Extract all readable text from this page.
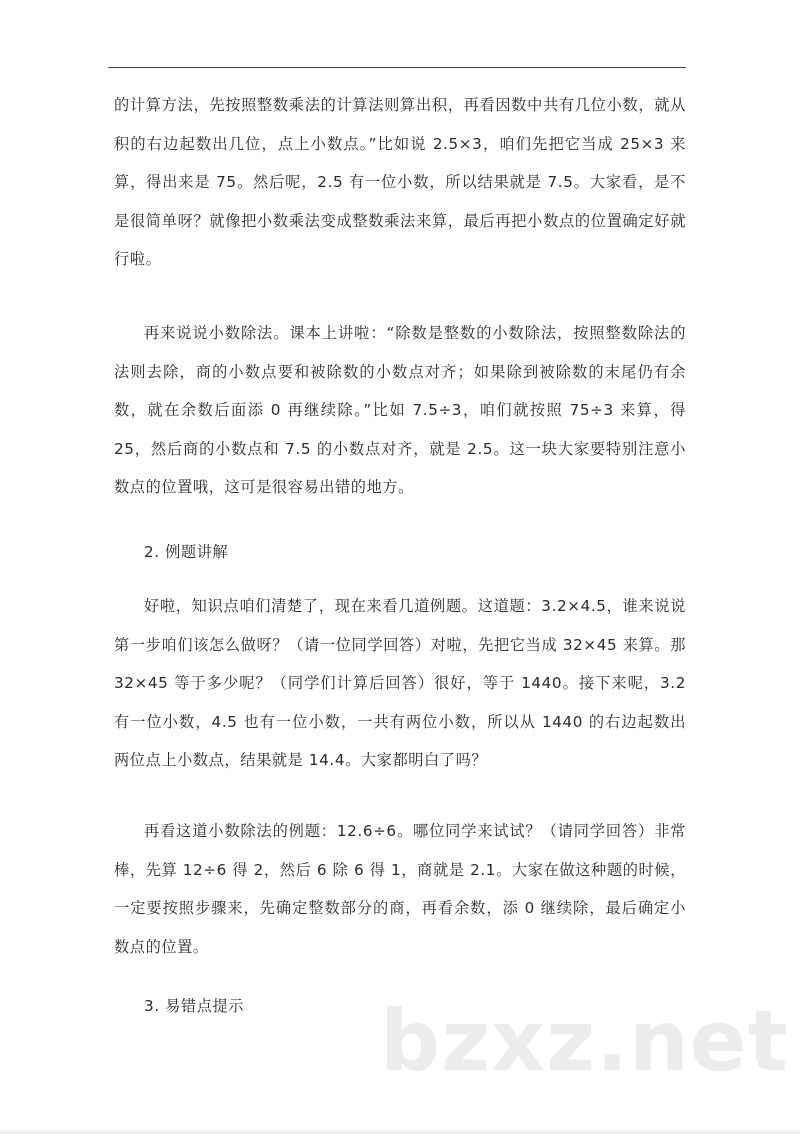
的计算方法，先按照整数乘法的计算法则算出积，再看因数中共有几位小数，就从积的右边起数出几位，点上小数点。”比如说 2.5×3，咱们先把它当成 25×3 来算，得出来是 75。然后呢，2.5 有一位小数，所以结果就是 7.5。大家看，是不是很简单呀？就像把小数乘法变成整数乘法来算，最后再把小数点的位置确定好就行啦。

再来说说小数除法。课本上讲啦：“除数是整数的小数除法，按照整数除法的法则去除，商的小数点要和被除数的小数点对齐；如果除到被除数的末尾仍有余数，就在余数后面添 0 再继续除。”比如 7.5÷3，咱们就按照 75÷3 来算，得 25，然后商的小数点和 7.5 的小数点对齐，就是 2.5。这一块大家要特别注意小数点的位置哦，这可是很容易出错的地方。

2. 例题讲解

好啦，知识点咱们清楚了，现在来看几道例题。这道题：3.2×4.5，谁来说说第一步咱们该怎么做呀？（请一位同学回答）对啦，先把它当成 32×45 来算。那 32×45 等于多少呢？（同学们计算后回答）很好，等于 1440。接下来呢，3.2 有一位小数，4.5 也有一位小数，一共有两位小数，所以从 1440 的右边起数出两位点上小数点，结果就是 14.4。大家都明白了吗？

再看这道小数除法的例题：12.6÷6。哪位同学来试试？（请同学回答）非常棒，先算 12÷6 得 2，然后 6 除 6 得 1，商就是 2.1。大家在做这种题的时候，一定要按照步骤来，先确定整数部分的商，再看余数，添 0 继续除，最后确定小数点的位置。

3. 易错点提示 bzxz.net
